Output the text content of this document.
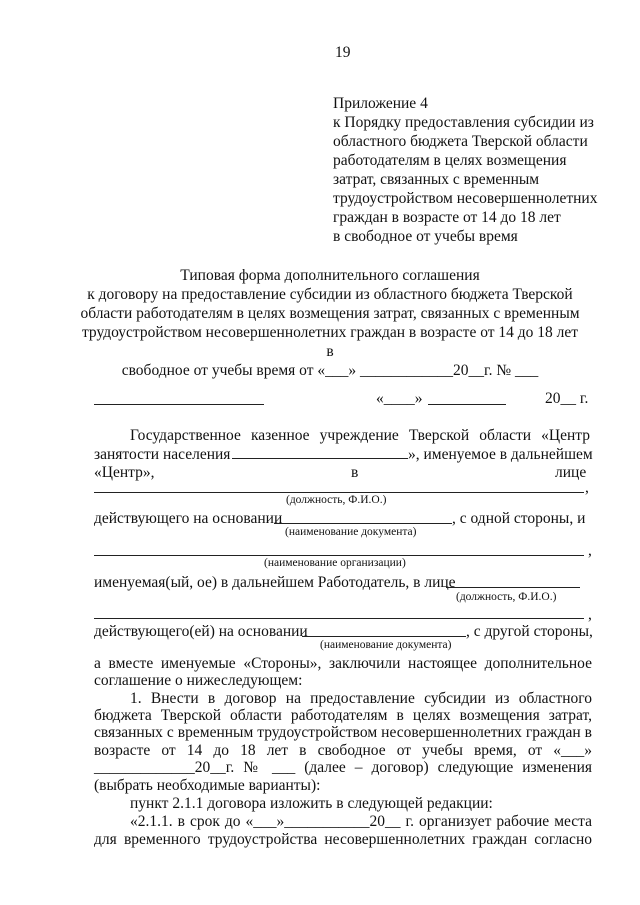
19
Приложение 4
к Порядку предоставления субсидии из
областного бюджета Тверской области
работодателям в целях возмещения
затрат, связанных с временным
трудоустройством несовершеннолетних
граждан в возрасте от 14 до 18 лет
в свободное от учебы время
Типовая форма дополнительного соглашения
к договору на предоставление субсидии из областного бюджета Тверской
области работодателям в целях возмещения затрат, связанных с временным
трудоустройством несовершеннолетних граждан в возрасте от 14 до 18 лет в
свободное от учебы время от «___» ____________20__г. № ___
«____»	20__ г.
Государственное казенное учреждение Тверской области «Центр
занятости населения	», именуемое в дальнейшем
«Центр»,	в	лице
,
(должность, Ф.И.О.)
действующего на основании	, с одной стороны, и
(наименование документа)
,
(наименование организации)
именуемая(ый, ое) в дальнейшем Работодатель, в лице
(должность, Ф.И.О.)
,
действующего(ей) на основании	, с другой стороны,
(наименование документа)
а вместе именуемые «Стороны», заключили настоящее дополнительное
соглашение о нижеследующем:
1. Внести в договор на предоставление субсидии из областного
бюджета Тверской области работодателям в целях возмещения затрат,
связанных с временным трудоустройством несовершеннолетних граждан в
возрасте от 14 до 18 лет в свободное от учебы время, от «___»
_____________20__г. № ___ (далее – договор) следующие изменения
(выбрать необходимые варианты):
пункт 2.1.1 договора изложить в следующей редакции:
«2.1.1. в срок до «___»___________20__ г. организует рабочие места
для временного трудоустройства несовершеннолетних граждан согласно
